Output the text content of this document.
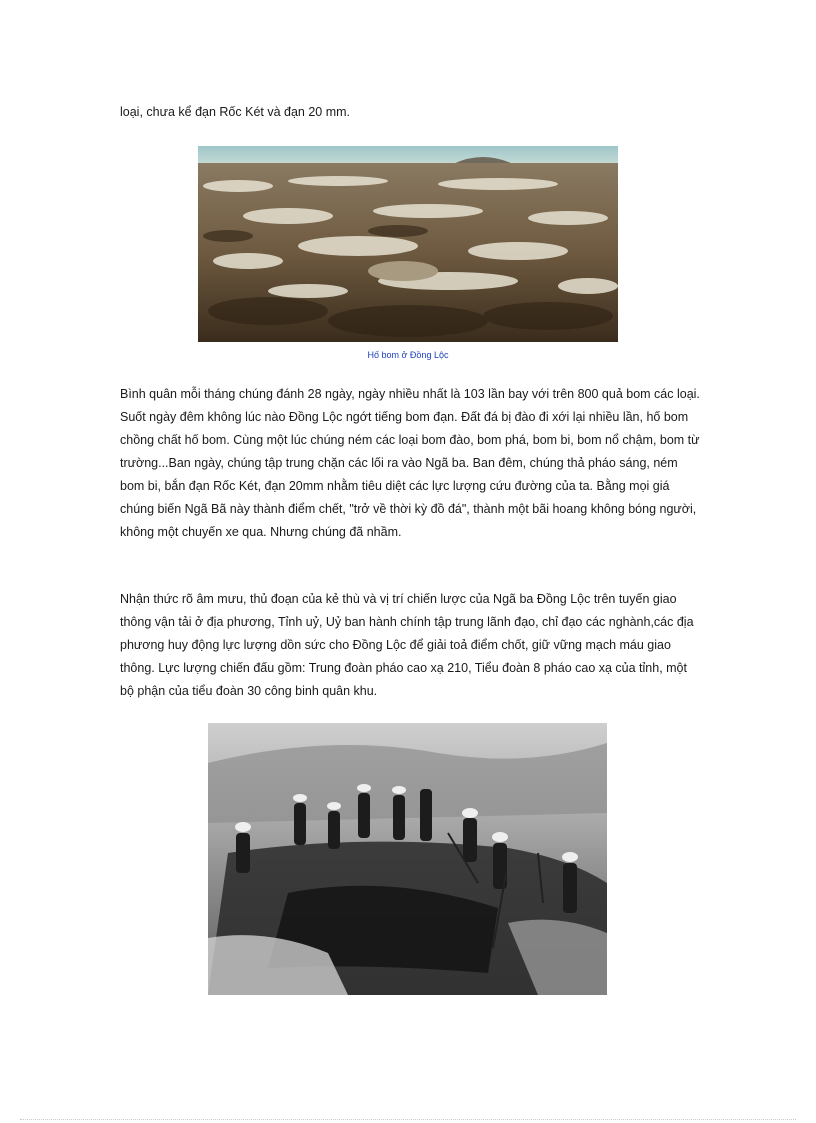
loại, chưa kể đạn Rốc Két và đạn 20 mm.
Hố bom ở Đồng Lộc

Bình quân mỗi tháng chúng đánh 28 ngày, ngày nhiều nhất là 103 lần bay với trên 800 quả bom các loại. Suốt ngày đêm không lúc nào Đồng Lộc ngớt tiếng bom đạn. Đất đá bị đào đi xới lại nhiều lần, hố bom chồng chất hố bom. Cùng một lúc chúng ném các loại bom đào, bom phá, bom bi, bom nổ chậm, bom từ trường...Ban ngày, chúng tập trung chặn các lối ra vào Ngã ba. Ban đêm, chúng thả pháo sáng, ném bom bi, bắn đạn Rốc Két, đạn 20mm nhằm tiêu diệt các lực lượng cứu đường của ta. Bằng mọi giá chúng biến Ngã Bã này thành điểm chết, "trở về thời kỳ đồ đá", thành một bãi hoang không bóng người, không một chuyến xe qua. Nhưng chúng đã nhầm.

Nhận thức rõ âm mưu, thủ đoạn của kẻ thù và vị trí chiến lược của Ngã ba Đồng Lộc trên tuyến giao thông vận tải ở địa phương, Tỉnh uỷ, Uỷ ban hành chính tập trung lãnh đạo, chỉ đạo các nghành,các địa phương huy động lực lượng dồn sức cho Đồng Lộc để giải toả điểm chốt, giữ vững mạch máu giao thông. Lực lượng chiến đấu gồm: Trung đoàn pháo cao xạ 210, Tiểu đoàn 8 pháo cao xạ của tỉnh, một bộ phận của tiểu đoàn 30 công binh quân khu.
